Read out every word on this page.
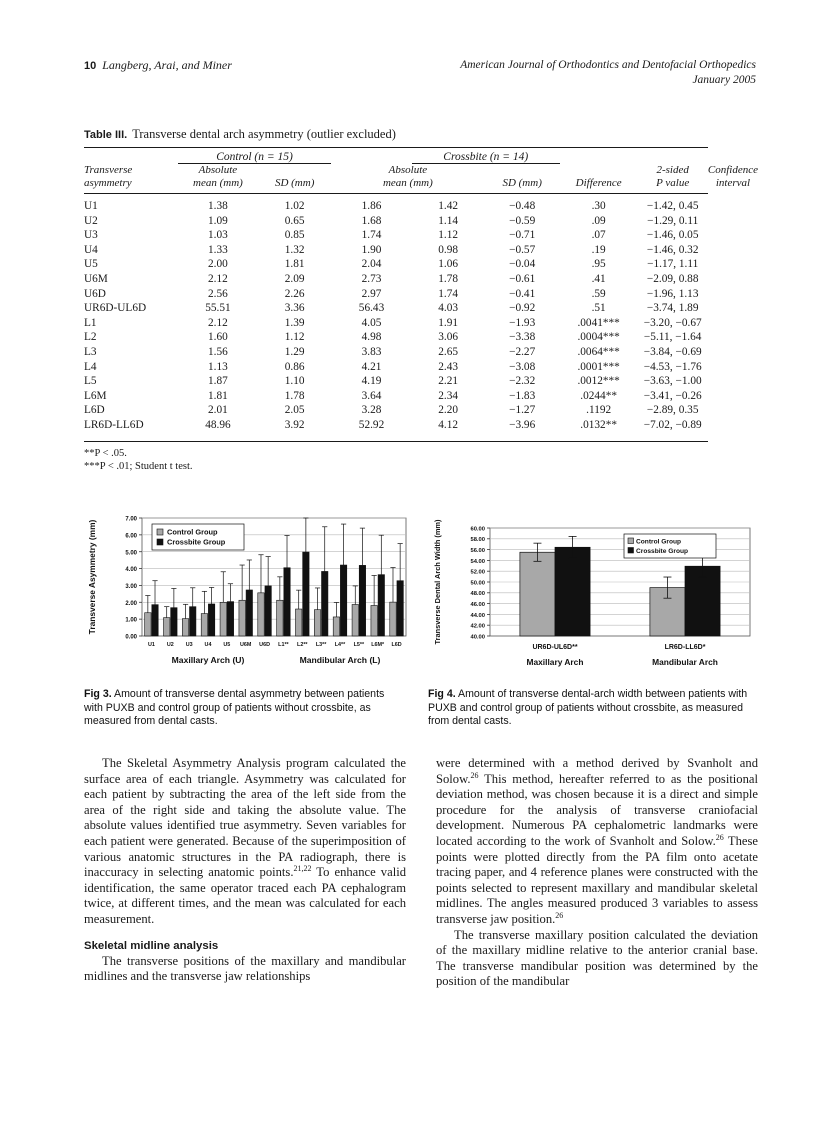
10 Langberg, Arai, and Miner	American Journal of Orthodontics and Dentofacial Orthopedics
January 2005
Table III. Transverse dental arch asymmetry (outlier excluded)

	Control (n = 15)			Crossbite (n = 14)				
Transverse
asymmetry	Absolute
mean (mm)	SD (mm)	Absolute
mean (mm)		SD (mm)	Difference	2-sided
P value	Confidence
interval

U1	1.38	1.02	1.86	1.42	−0.48	.30	−1.42, 0.45	
U2	1.09	0.65	1.68	1.14	−0.59	.09	−1.29, 0.11	
U3	1.03	0.85	1.74	1.12	−0.71	.07	−1.46, 0.05	
U4	1.33	1.32	1.90	0.98	−0.57	.19	−1.46, 0.32	
U5	2.00	1.81	2.04	1.06	−0.04	.95	−1.17, 1.11	
U6M	2.12	2.09	2.73	1.78	−0.61	.41	−2.09, 0.88	
U6D	2.56	2.26	2.97	1.74	−0.41	.59	−1.96, 1.13	
UR6D-UL6D	55.51	3.36	56.43	4.03	−0.92	.51	−3.74, 1.89	
L1	2.12	1.39	4.05	1.91	−1.93	.0041***	−3.20, −0.67	
L2	1.60	1.12	4.98	3.06	−3.38	.0004***	−5.11, −1.64	
L3	1.56	1.29	3.83	2.65	−2.27	.0064***	−3.84, −0.69	
L4	1.13	0.86	4.21	2.43	−3.08	.0001***	−4.53, −1.76	
L5	1.87	1.10	4.19	2.21	−2.32	.0012***	−3.63, −1.00	
L6M	1.81	1.78	3.64	2.34	−1.83	.0244**	−3.41, −0.26	
L6D	2.01	2.05	3.28	2.20	−1.27	.1192	−2.89, 0.35	
LR6D-LL6D	48.96	3.92	52.92	4.12	−3.96	.0132**	−7.02, −0.89	

**P < .05.
***P < .01; Student t test.
0.00
1.00
2.00
3.00
4.00
5.00
6.00
7.00
U1 U2 U3 U4 U5 U6M U6D L1** L2** L3** L4** L5** L6M* L6D
Maxillary Arch (U)	Mandibular Arch (L)
Transverse Asymmetry (mm)	Control Group
Crossbite Group
Fig 3. Amount of transverse dental asymmetry between patients with PUXB and control group of patients without crossbite, as measured from dental casts.
40.00
42.00
44.00
46.00
48.00
50.00
52.00
54.00
56.00
58.00
60.00
UR6D-UL6D**
Maxillary Arch
LR6D-LL6D*
Mandibular Arch
Transverse Dental Arch Width (mm)	Control Group
Crossbite Group
Fig 4. Amount of transverse dental-arch width between patients with PUXB and control group of patients without crossbite, as measured from dental casts.

The Skeletal Asymmetry Analysis program calculated the surface area of each triangle. Asymmetry was calculated for each patient by subtracting the area of the left side from the area of the right side and taking the absolute value. The absolute values identified true asymmetry. Seven variables for each patient were generated. Because of the superimposition of various anatomic structures in the PA radiograph, there is inaccuracy in selecting anatomic points.$^{21,22}$ To enhance valid identification, the same operator traced each PA cephalogram twice, at different times, and the mean was calculated for each measurement.

Skeletal midline analysis

The transverse positions of the maxillary and mandibular midlines and the transverse jaw relationships

were determined with a method derived by Svanholt and Solow.$^{26}$ This method, hereafter referred to as the positional deviation method, was chosen because it is a direct and simple procedure for the analysis of transverse craniofacial development. Numerous PA cephalometric landmarks were located according to the work of Svanholt and Solow.$^{26}$ These points were plotted directly from the PA film onto acetate tracing paper, and 4 reference planes were constructed with the points selected to represent maxillary and mandibular skeletal midlines. The angles measured produced 3 variables to assess transverse jaw position.$^{26}$

The transverse maxillary position calculated the deviation of the maxillary midline relative to the anterior cranial base. The transverse mandibular position was determined by the position of the mandibular
